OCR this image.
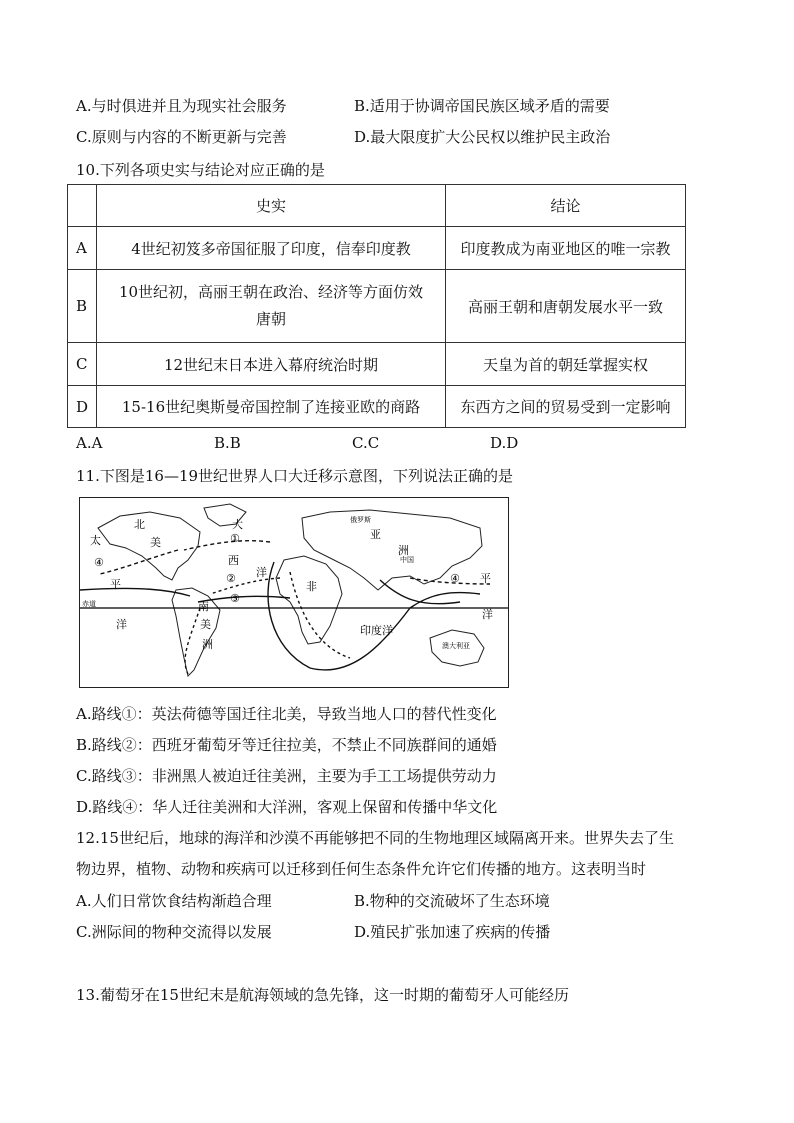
A.与时俱进并且为现实社会服务	B.适用于协调帝国民族区域矛盾的需要
C.原则与内容的不断更新与完善	D.最大限度扩大公民权以维护民主政治
10.下列各项史实与结论对应正确的是
	史实	结论
A	4世纪初笈多帝国征服了印度，信奉印度教	印度教成为南亚地区的唯一宗教
B	10世纪初，高丽王朝在政治、经济等方面仿效
唐朝	高丽王朝和唐朝发展水平一致
C	12世纪末日本进入幕府统治时期	天皇为首的朝廷掌握实权
D	15-16世纪奥斯曼帝国控制了连接亚欧的商路	东西方之间的贸易受到一定影响
A.A	B.B	C.C	D.D
11.下图是16—19世纪世界人口大迁移示意图，下列说法正确的是
北
美
太
大
西
洋
亚
洲
中国
俄罗斯
非
①
②
③
④
④
平	平
洋
南
美
洲
洋	印度洋
澳大利亚
赤道
A.路线①：英法荷德等国迁往北美，导致当地人口的替代性变化
B.路线②：西班牙葡萄牙等迁往拉美，不禁止不同族群间的通婚
C.路线③：非洲黑人被迫迁往美洲，主要为手工工场提供劳动力
D.路线④：华人迁往美洲和大洋洲，客观上保留和传播中华文化
12.15世纪后，地球的海洋和沙漠不再能够把不同的生物地理区域隔离开来。世界失去了生
物边界，植物、动物和疾病可以迁移到任何生态条件允许它们传播的地方。这表明当时
A.人们日常饮食结构渐趋合理	B.物种的交流破坏了生态环境
C.洲际间的物种交流得以发展	D.殖民扩张加速了疾病的传播
13.葡萄牙在15世纪末是航海领域的急先锋，这一时期的葡萄牙人可能经历
